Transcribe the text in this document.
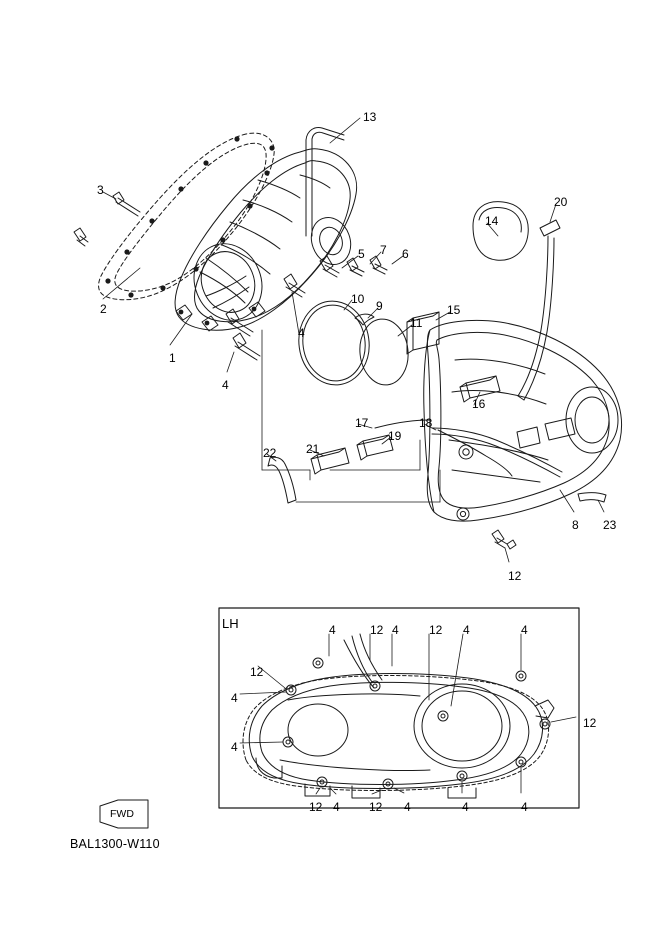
13
3
14
20
2
5 7 6
10 9
11
15
1
4
4
16
17	18
19
22 21
8 23
12
4	12 4	12 4	4
12
4
12
4
12 4 12 4	4	4
LH
FWD
BAL1300-W110
